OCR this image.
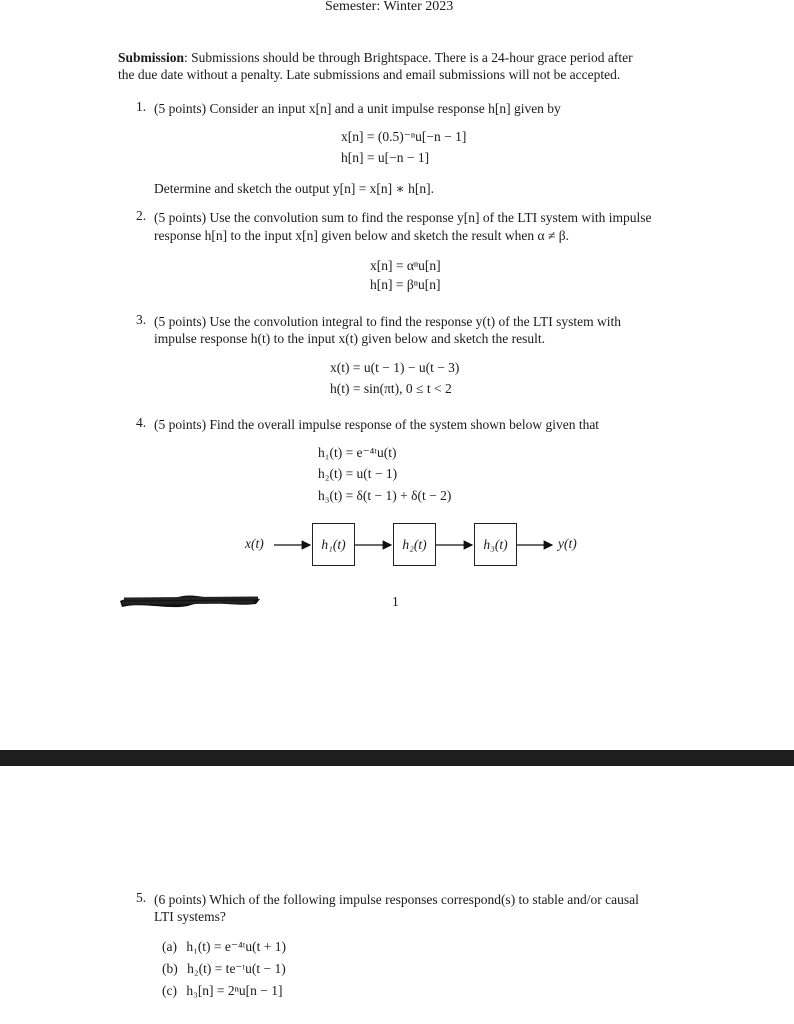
Semester: Winter 2023
Submission: Submissions should be through Brightspace. There is a 24-hour grace period after
the due date without a penalty. Late submissions and email submissions will not be accepted.
1. (5 points) Consider an input x[n] and a unit impulse response h[n] given by
x[n] = (0.5)⁻ⁿu[−n − 1]
h[n] = u[−n − 1]
Determine and sketch the output y[n] = x[n] ∗ h[n].
2. (5 points) Use the convolution sum to find the response y[n] of the LTI system with impulse
response h[n] to the input x[n] given below and sketch the result when α ≠ β.
x[n] = αⁿu[n]
h[n] = βⁿu[n]
3. (5 points) Use the convolution integral to find the response y(t) of the LTI system with
impulse response h(t) to the input x(t) given below and sketch the result.
x(t) = u(t − 1) − u(t − 3)
h(t) = sin(πt), 0 ≤ t < 2
4. (5 points) Find the overall impulse response of the system shown below given that
h₁(t) = e⁻⁴ᵗu(t)
h₂(t) = u(t − 1)
h₃(t) = δ(t − 1) + δ(t − 2)
x(t)	h₁(t)	h₂(t)	h₃(t)	y(t)
1
5. (6 points) Which of the following impulse responses correspond(s) to stable and/or causal
LTI systems?
(a) h₁(t) = e⁻⁴ᵗu(t + 1)
(b) h₂(t) = te⁻ᵗu(t − 1)
(c) h₃[n] = 2ⁿu[n − 1]
